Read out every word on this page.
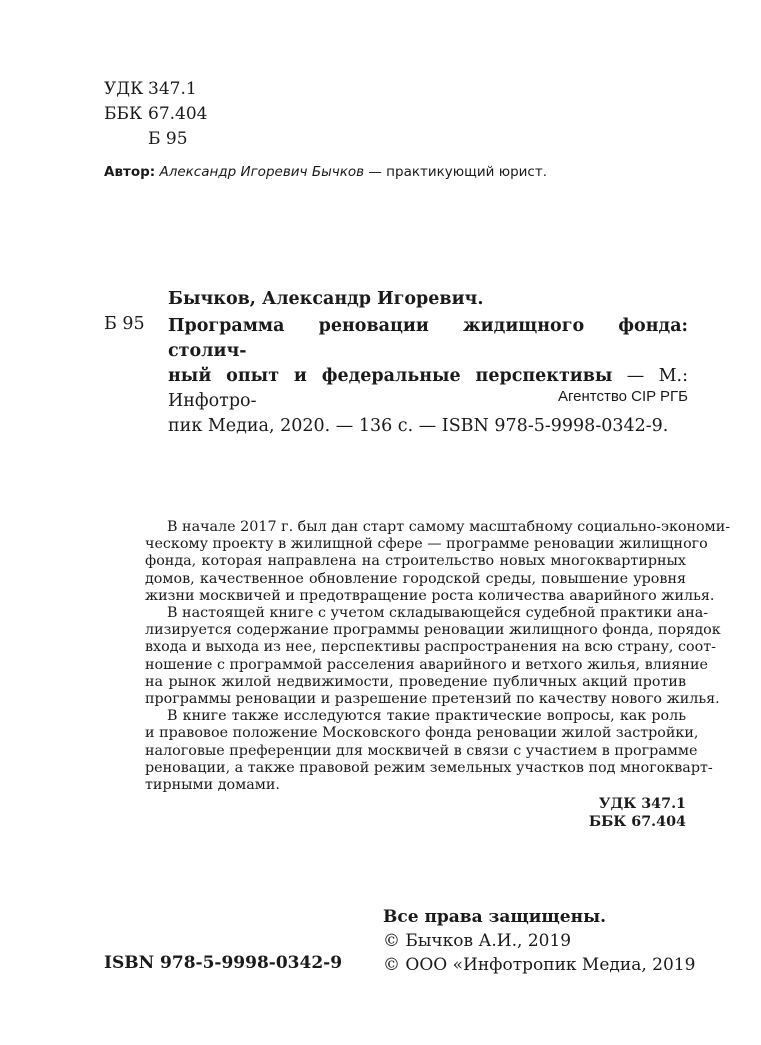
УДК 347.1
ББК 67.404
Б 95
Автор: Александр Игоревич Бычков — практикующий юрист.
Бычков, Александр Игоревич.
Б 95 Программа реновации жидищного фонда: столич-
ный опыт и федеральные перспективы — М.: Инфотро-
пик Медиа, 2020. — 136 с. — ISBN 978-5-9998-0342-9.
Агентство CIP РГБ
В начале 2017 г. был дан старт самому масштабному социально-экономи-
ческому проекту в жилищной сфере — программе реновации жилищного
фонда, которая направлена на строительство новых многоквартирных
домов, качественное обновление городской среды, повышение уровня
жизни москвичей и предотвращение роста количества аварийного жилья.
В настоящей книге с учетом складывающейся судебной практики ана-
лизируется содержание программы реновации жилищного фонда, порядок
входа и выхода из нее, перспективы распространения на всю страну, соот-
ношение с программой расселения аварийного и ветхого жилья, влияние
на рынок жилой недвижимости, проведение публичных акций против
программы реновации и разрешение претензий по качеству нового жилья.
В книге также исследуются такие практические вопросы, как роль
и правовое положение Московского фонда реновации жилой застройки,
налоговые преференции для москвичей в связи с участием в программе
реновации, а также правовой режим земельных участков под многокварт-
тирными домами.
УДК 347.1
ББК 67.404
Все права защищены.
© Бычков А.И., 2019
© ООО «Инфотропик Медиа, 2019
ISBN 978-5-9998-0342-9
